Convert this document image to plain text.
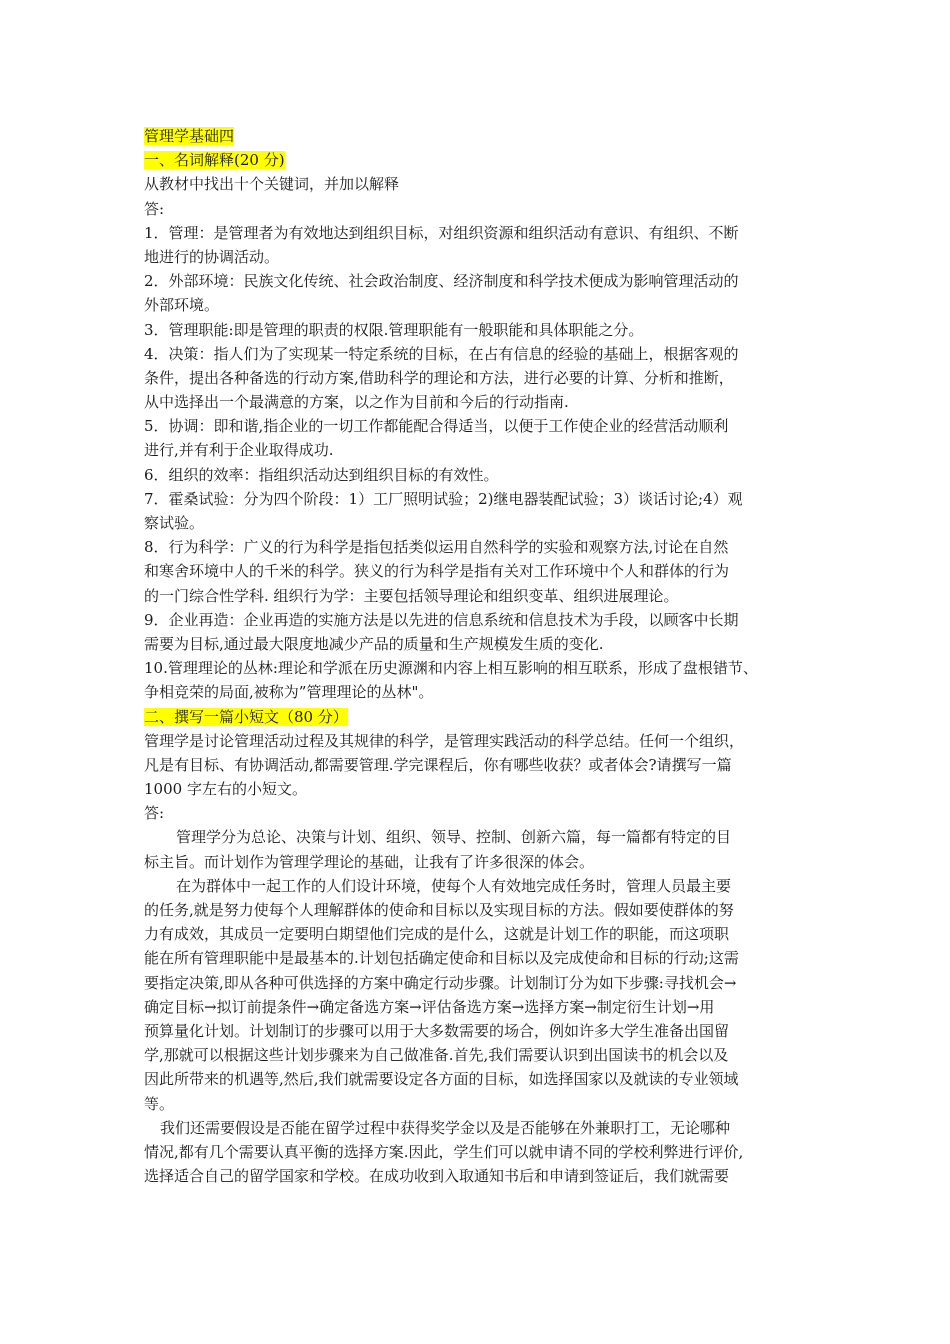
管理学基础四
一、名词解释(20 分)
从教材中找出十个关键词，并加以解释
答:
1．管理：是管理者为有效地达到组织目标，对组织资源和组织活动有意识、有组织、不断
地进行的协调活动。
2．外部环境：民族文化传统、社会政治制度、经济制度和科学技术便成为影响管理活动的
外部环境。
3．管理职能:即是管理的职责的权限.管理职能有一般职能和具体职能之分。
4．决策：指人们为了实现某一特定系统的目标，在占有信息的经验的基础上，根据客观的
条件，提出各种备选的行动方案,借助科学的理论和方法，进行必要的计算、分析和推断，
从中选择出一个最满意的方案，以之作为目前和今后的行动指南.
5．协调：即和谐,指企业的一切工作都能配合得适当，以便于工作使企业的经营活动顺利
进行,并有利于企业取得成功.
6．组织的效率：指组织活动达到组织目标的有效性。
7．霍桑试验：分为四个阶段：1）工厂照明试验；2)继电器装配试验；3）谈话讨论;4）观
察试验。
8．行为科学：广义的行为科学是指包括类似运用自然科学的实验和观察方法,讨论在自然
和寒舍环境中人的千米的科学。狭义的行为科学是指有关对工作环境中个人和群体的行为
的一门综合性学科. 组织行为学：主要包括领导理论和组织变革、组织进展理论。
9．企业再造：企业再造的实施方法是以先进的信息系统和信息技术为手段，以顾客中长期
需要为目标,通过最大限度地减少产品的质量和生产规模发生质的变化.
10.管理理论的丛林:理论和学派在历史源渊和内容上相互影响的相互联系，形成了盘根错节、
争相竞荣的局面,被称为”管理理论的丛林"。
二、撰写一篇小短文（80 分）
管理学是讨论管理活动过程及其规律的科学，是管理实践活动的科学总结。任何一个组织，
凡是有目标、有协调活动,都需要管理.学完课程后，你有哪些收获？或者体会?请撰写一篇
1000 字左右的小短文。
答:
管理学分为总论、决策与计划、组织、领导、控制、创新六篇，每一篇都有特定的目
标主旨。而计划作为管理学理论的基础，让我有了许多很深的体会。
在为群体中一起工作的人们设计环境，使每个人有效地完成任务时，管理人员最主要
的任务,就是努力使每个人理解群体的使命和目标以及实现目标的方法。假如要使群体的努
力有成效，其成员一定要明白期望他们完成的是什么，这就是计划工作的职能，而这项职
能在所有管理职能中是最基本的.计划包括确定使命和目标以及完成使命和目标的行动;这需
要指定决策,即从各种可供选择的方案中确定行动步骤。计划制订分为如下步骤:寻找机会→
确定目标→拟订前提条件→确定备选方案→评估备选方案→选择方案→制定衍生计划→用
预算量化计划。计划制订的步骤可以用于大多数需要的场合，例如许多大学生准备出国留
学,那就可以根据这些计划步骤来为自己做准备.首先,我们需要认识到出国读书的机会以及
因此所带来的机遇等,然后,我们就需要设定各方面的目标，如选择国家以及就读的专业领域
等。
我们还需要假设是否能在留学过程中获得奖学金以及是否能够在外兼职打工，无论哪种
情况,都有几个需要认真平衡的选择方案.因此，学生们可以就申请不同的学校利弊进行评价,
选择适合自己的留学国家和学校。在成功收到入取通知书后和申请到签证后，我们就需要
